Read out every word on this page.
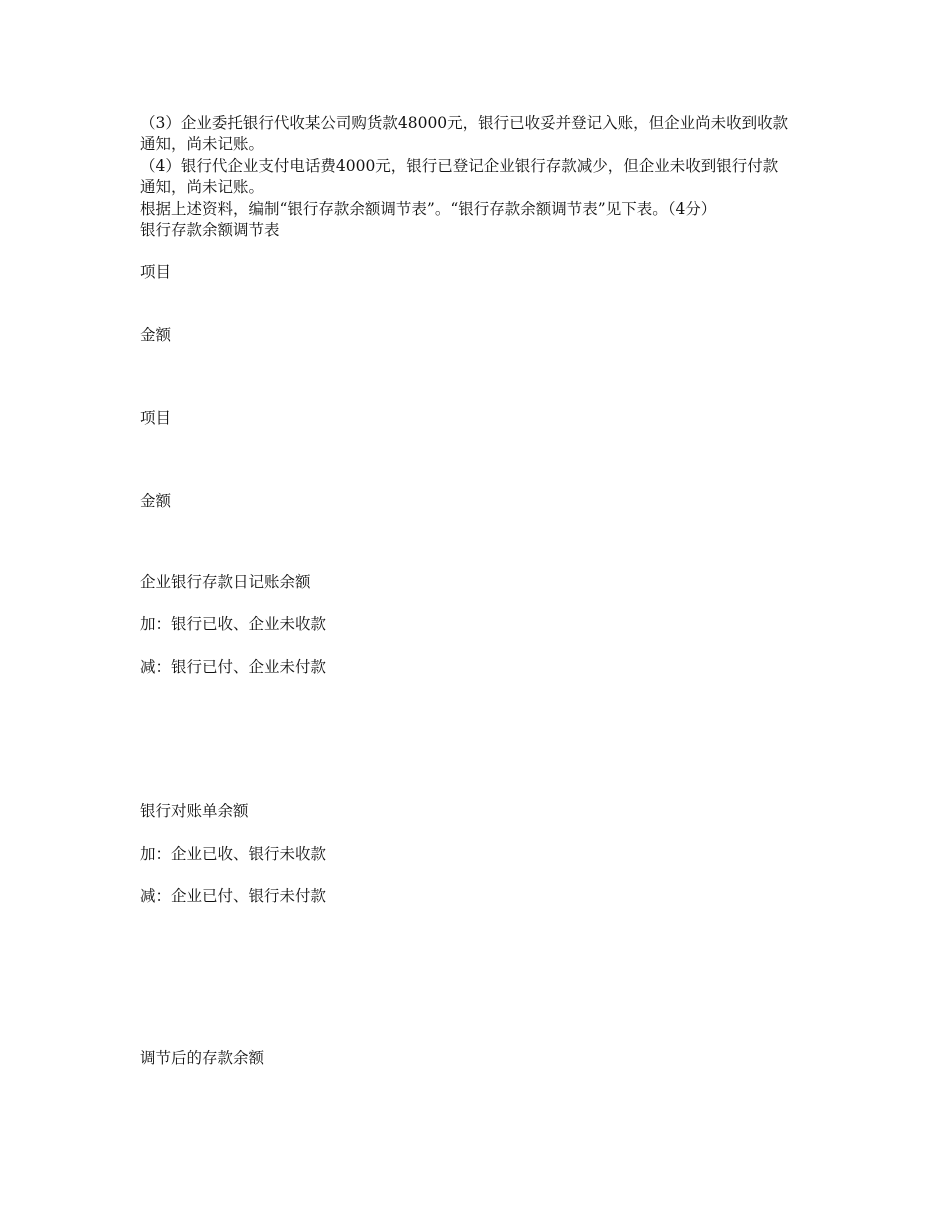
（3）企业委托银行代收某公司购货款48000元，银行已收妥并登记入账，但企业尚未收到收款
通知，尚未记账。
（4）银行代企业支付电话费4000元，银行已登记企业银行存款减少，但企业未收到银行付款
通知，尚未记账。
根据上述资料，编制“银行存款余额调节表”。“银行存款余额调节表”见下表。（4分）
银行存款余额调节表
项目
金额
项目
金额
企业银行存款日记账余额
加：银行已收、企业未收款
减：银行已付、企业未付款
银行对账单余额
加：企业已收、银行未收款
减：企业已付、银行未付款
调节后的存款余额
